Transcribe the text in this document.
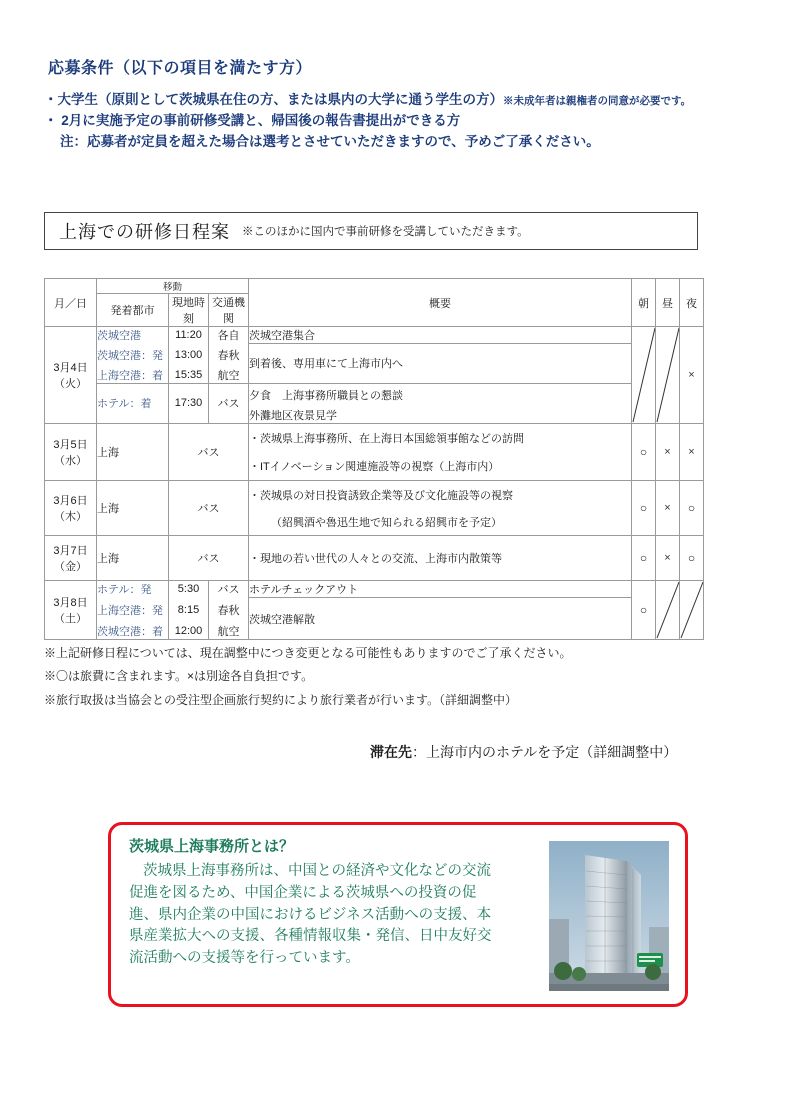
応募条件（以下の項目を満たす方）
・大学生（原則として茨城県在住の方、または県内の大学に通う学生の方）※未成年者は親権者の同意が必要です。
・ 2月に実施予定の事前研修受講と、帰国後の報告書提出ができる方
注：応募者が定員を超えた場合は選考とさせていただきますので、予めご了承ください。
上海での研修日程案 ※このほかに国内で事前研修を受講していただきます。
月／日	移動			概要	朝	昼	夜
	発着都市	現地時刻	交通機関				

3月4日
（火）	茨城空港	11:20	各自	茨城空港集合			×
	茨城空港：発	13:00	春秋	到着後、専用車にて上海市内へ			
	上海空港：着	15:35	航空				
	ホテル：着	17:30	バス	夕食　上海事務所職員との懇談			
				外灘地区夜景見学			

3月5日
（水）	上海	バス		・茨城県上海事務所、在上海日本国総領事館などの訪問	○	×	×
				・ITイノベーション関連施設等の視察（上海市内）			

3月6日
（木）	上海	バス		・茨城県の対日投資誘致企業等及び文化施設等の視察	○	×	○
				（紹興酒や魯迅生地で知られる紹興市を予定）			

3月7日
（金）	上海	バス		・現地の若い世代の人々との交流、上海市内散策等	○	×	○

3月8日
（土）	ホテル：発	5:30	バス	ホテルチェックアウト	○	

	上海空港：発	8:15	春秋	茨城空港解散			
	茨城空港：着	12:00	航空				
※上記研修日程については、現在調整中につき変更となる可能性もありますのでご了承ください。
※〇は旅費に含まれます。×は別途各自負担です。
※旅行取扱は当協会との受注型企画旅行契約により旅行業者が行います。（詳細調整中）
滞在先：上海市内のホテルを予定（詳細調整中）
茨城県上海事務所とは？
茨城県上海事務所は、中国との経済や文化などの交流促進を図るため、中国企業による茨城県への投資の促進、県内企業の中国におけるビジネス活動への支援、本県産業拡大への支援、各種情報収集・発信、日中友好交流活動への支援等を行っています。
